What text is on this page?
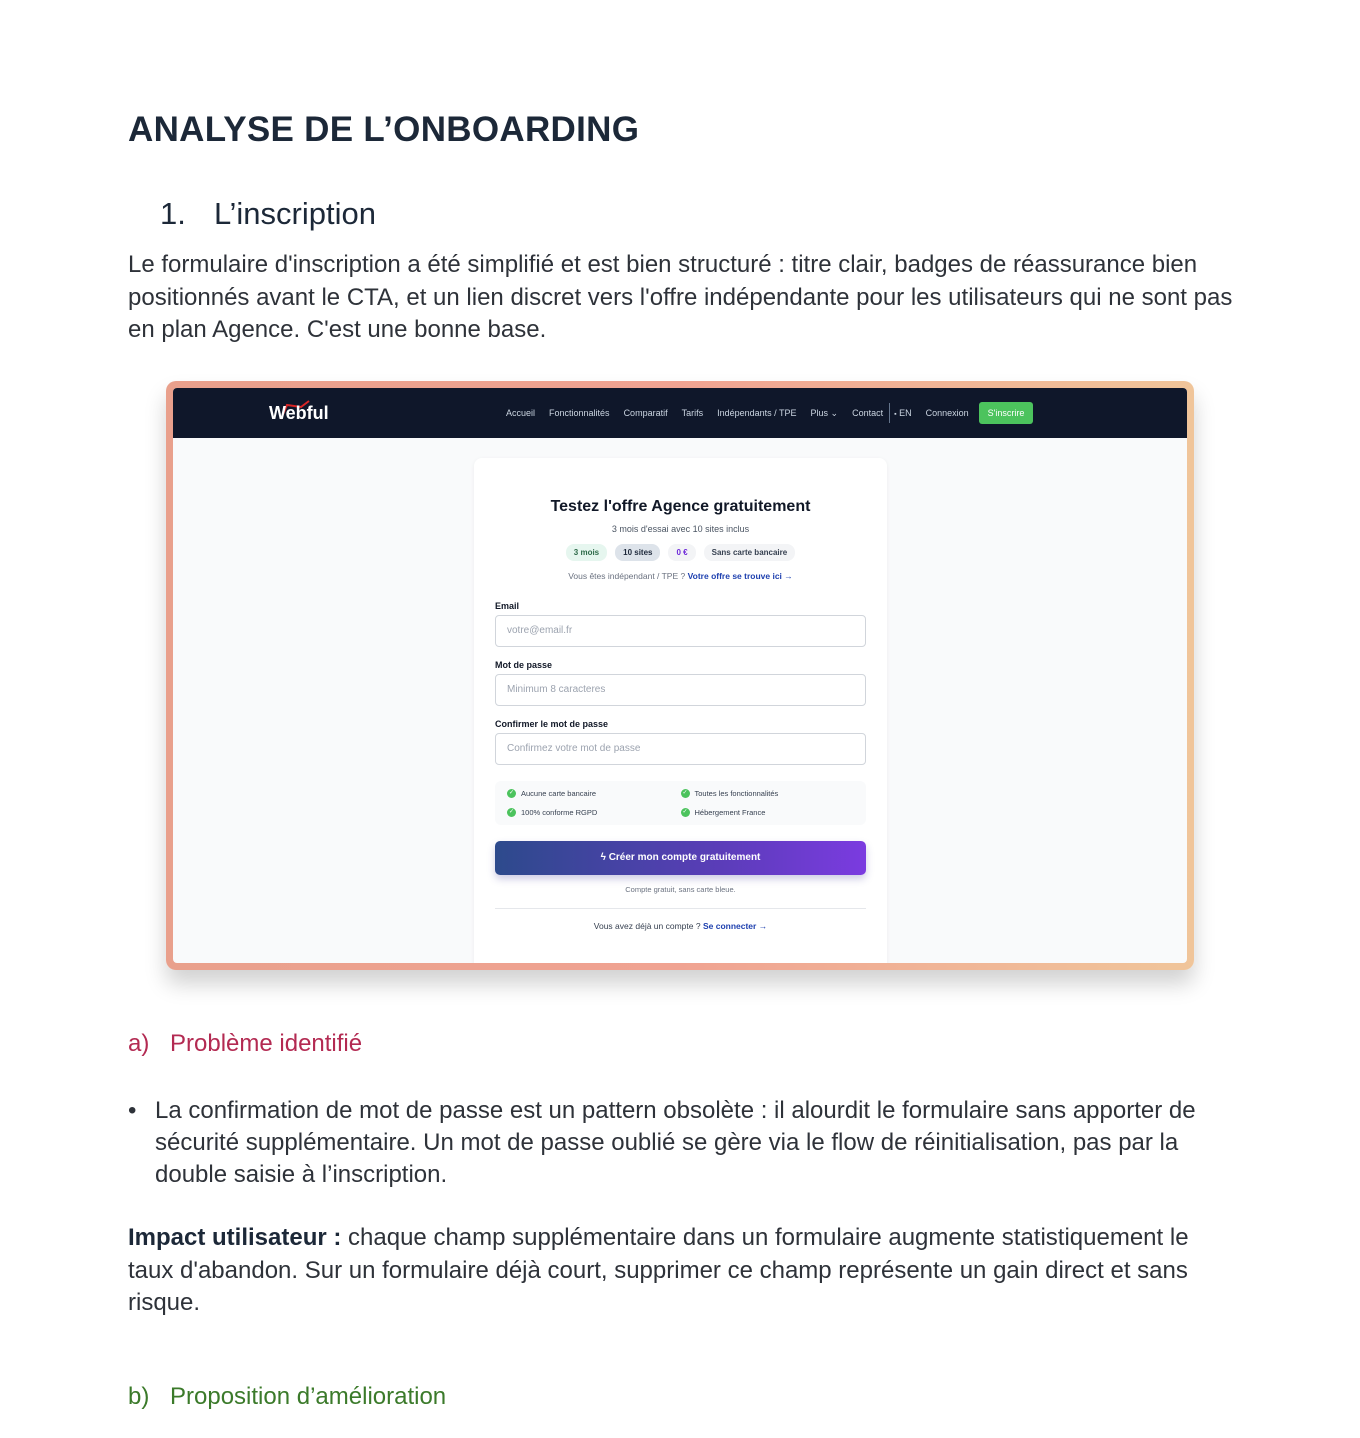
ANALYSE DE L’ONBOARDING
1. L’inscription

Le formulaire d'inscription a été simplifié et est bien structuré : titre clair, badges de réassurance bien positionnés avant le CTA, et un lien discret vers l'offre indépendante pour les utilisateurs qui ne sont pas en plan Agence. C'est une bonne base.

Webful	Accueil Fonctionnalités Comparatif Tarifs Indépendants / TPE Plus ⌄ Contact ▪ EN Connexion	S'inscrire
Testez l'offre Agence gratuitement
3 mois d'essai avec 10 sites inclus
3 mois	10 sites	0 €	Sans carte bancaire
Vous êtes indépendant / TPE ? Votre offre se trouve ici →
Email
votre@email.fr
Mot de passe
Minimum 8 caracteres
Confirmer le mot de passe
Confirmez votre mot de passe
✓ Aucune carte bancaire	✓ Toutes les fonctionnalités
✓ 100% conforme RGPD	✓ Hébergement France
ϟ Créer mon compte gratuitement
Compte gratuit, sans carte bleue.
Vous avez déjà un compte ? Se connecter →
a) Problème identifié
• La confirmation de mot de passe est un pattern obsolète : il alourdit le formulaire sans apporter de sécurité supplémentaire. Un mot de passe oublié se gère via le flow de réinitialisation, pas par la double saisie à l’inscription.

Impact utilisateur : chaque champ supplémentaire dans un formulaire augmente statistiquement le taux d'abandon. Sur un formulaire déjà court, supprimer ce champ représente un gain direct et sans risque.

b) Proposition d’amélioration
